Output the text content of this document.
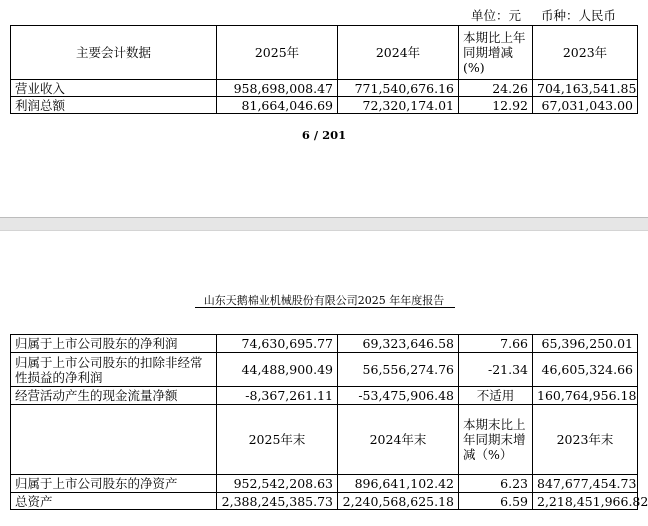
单位：元 币种：人民币
主要会计数据	2025年	2024年	本期比上年同期增减(%)	2023年
营业收入	958,698,008.47	771,540,676.16	24.26	704,163,541.85
利润总额	81,664,046.69	72,320,174.01	12.92	67,031,043.00
6 / 201
山东天鹅棉业机械股份有限公司2025 年年度报告
归属于上市公司股东的净利润	74,630,695.77	69,323,646.58	7.66	65,396,250.01
归属于上市公司股东的扣除非经常性损益的净利润	44,488,900.49	56,556,274.76	-21.34	46,605,324.66
经营活动产生的现金流量净额	-8,367,261.11	-53,475,906.48	不适用	160,764,956.18
	2025年末	2024年末	本期末比上年同期末增减（%）	2023年末
归属于上市公司股东的净资产	952,542,208.63	896,641,102.42	6.23	847,677,454.73
总资产	2,388,245,385.73	2,240,568,625.18	6.59	2,218,451,966.82
